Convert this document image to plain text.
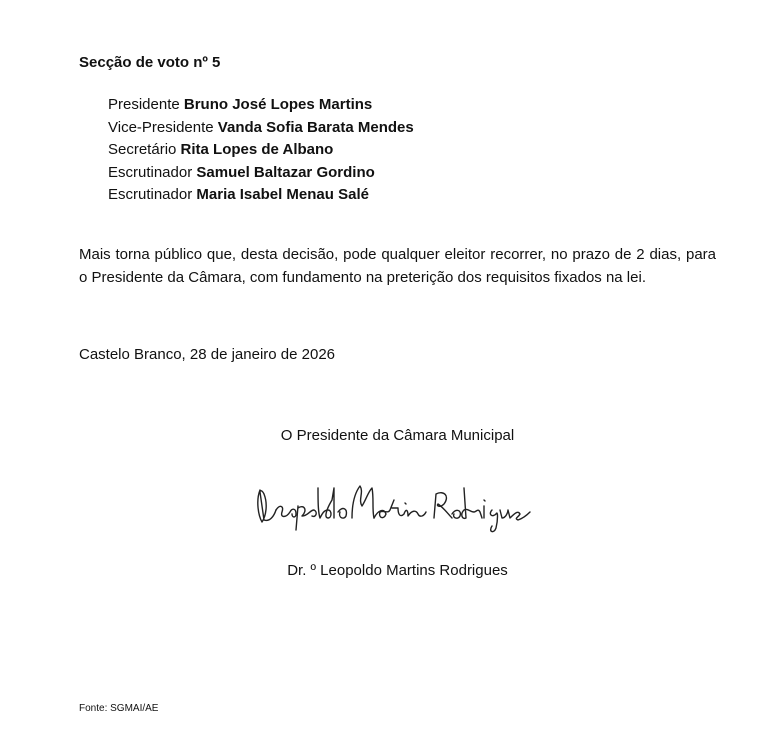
Secção de voto nº 5

Presidente Bruno José Lopes Martins
Vice-Presidente Vanda Sofia Barata Mendes
Secretário Rita Lopes de Albano
Escrutinador Samuel Baltazar Gordino
Escrutinador Maria Isabel Menau Salé

Mais torna público que, desta decisão, pode qualquer eleitor recorrer, no prazo de 2 dias, para o Presidente da Câmara, com fundamento na preterição dos requisitos fixados na lei.

Castelo Branco, 28 de janeiro de 2026

O Presidente da Câmara Municipal

Dr. º Leopoldo Martins Rodrigues

Fonte: SGMAI/AE
